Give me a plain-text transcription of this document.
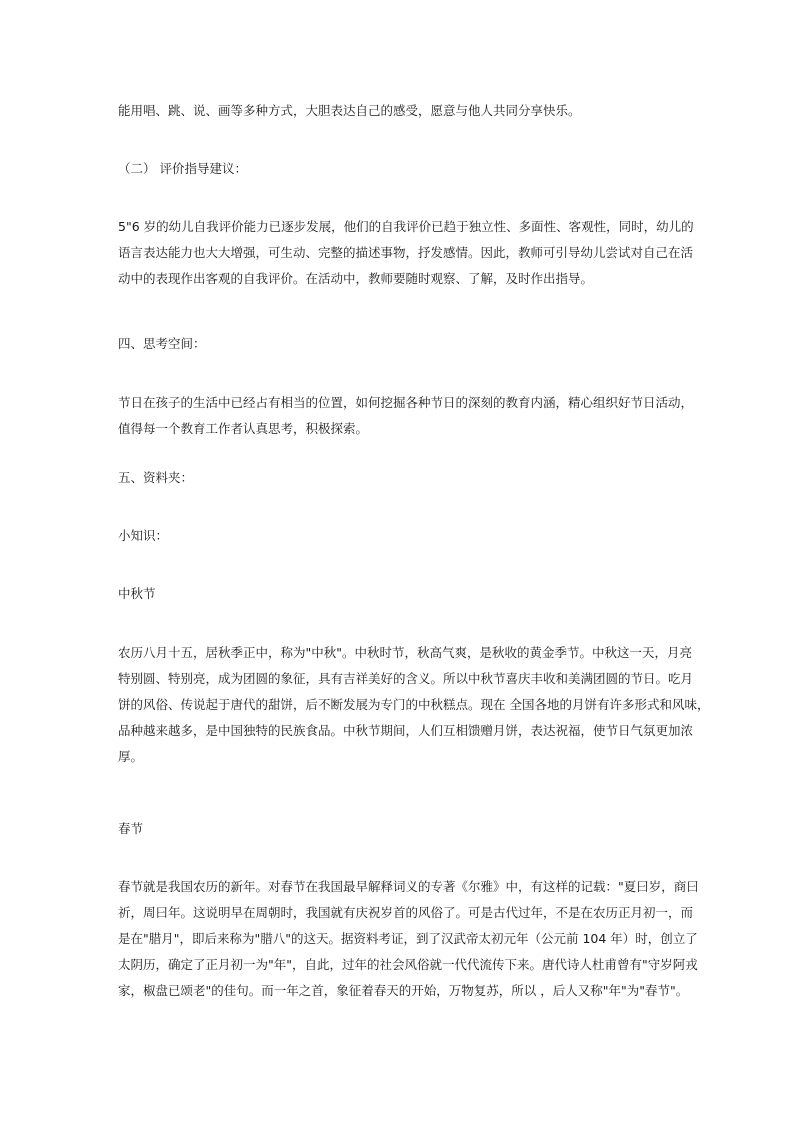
能用唱、跳、说、画等多种方式，大胆表达自己的感受，愿意与他人共同分享快乐。
（二） 评价指导建议：
5"6 岁的幼儿自我评价能力已逐步发展，他们的自我评价已趋于独立性、多面性、客观性，同时，幼儿的
语言表达能力也大大增强，可生动、完整的描述事物，抒发感情。因此，教师可引导幼儿尝试对自己在活
动中的表现作出客观的自我评价。在活动中，教师要随时观察、了解，及时作出指导。
四、思考空间：
节日在孩子的生活中已经占有相当的位置，如何挖掘各种节日的深刻的教育内涵，精心组织好节日活动，
值得每一个教育工作者认真思考，积极探索。
五、资料夹：
小知识：
中秋节
农历八月十五，居秋季正中，称为"中秋"。中秋时节，秋高气爽，是秋收的黄金季节。中秋这一天，月亮
特别圆、特别亮，成为团圆的象征，具有吉祥美好的含义。所以中秋节喜庆丰收和美满团圆的节日。吃月
饼的风俗、传说起于唐代的甜饼，后不断发展为专门的中秋糕点。现在 全国各地的月饼有许多形式和风味，
品种越来越多，是中国独特的民族食品。中秋节期间，人们互相馈赠月饼，表达祝福，使节日气氛更加浓
厚。
春节
春节就是我国农历的新年。对春节在我国最早解释词义的专著《尔雅》中，有这样的记载："夏曰岁，商曰
祈，周曰年。这说明早在周朝时，我国就有庆祝岁首的风俗了。可是古代过年，不是在农历正月初一，而
是在"腊月"，即后来称为"腊八"的这天。据资料考证，到了汉武帝太初元年（公元前 104 年）时，创立了
太阴历，确定了正月初一为"年"，自此，过年的社会风俗就一代代流传下来。唐代诗人杜甫曾有"守岁阿戎
家，椒盘已颂老"的佳句。而一年之首，象征着春天的开始，万物复苏，所以 ，后人又称"年"为"春节"。
